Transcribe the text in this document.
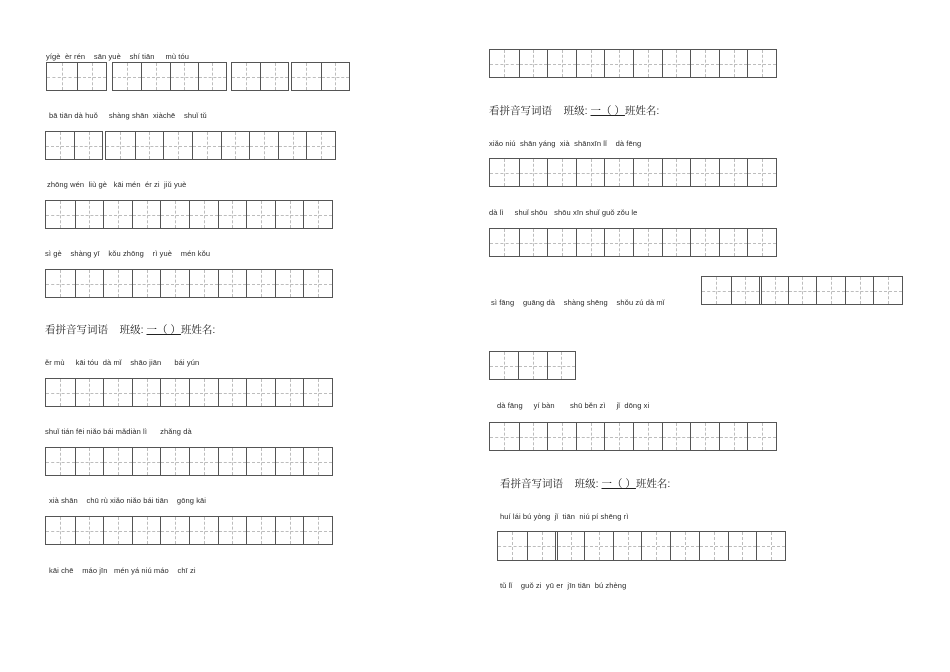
yígè  èr rén    sān yuè    shí tiān     mù tóu
bā tiān dà huǒ     shàng shān  xiàchē    shuǐ tǔ
zhōng wén  liù gè   kāi mén  ér zi  jiǔ yuè
sì gè    shàng yī    kǒu zhōng    rì yuè    mén kǒu
看拼音写词语 班级: 一（ ）班姓名:
ěr mù     kāi tóu  dà mǐ    shāo jiān      bái yún
shuǐ tián fēi niǎo bái mǎdiàn lì      zhǎng dà
xià shān    chū rù xiǎo niǎo bái tiān    gōng kāi
kāi chē    máo jīn   mén yá niú máo    chī zi
看拼音写词语 班级: 一（ ）班姓名:
xiǎo niú  shān yáng  xià  shānxīn lǐ    dà fēng
dà lì     shuǐ shōu   shōu xīn shuǐ guǒ zǒu le
sì fāng    guāng dà    shàng shēng    shǒu zú dà mǐ
dà fāng     yí bàn       shū běn zì     jǐ  dōng xi
看拼音写词语 班级: 一（ ）班姓名:
huí lái bú yòng  jǐ  tiān  niú pí shēng rì
tǔ lǐ    guǒ zi  yū er  jīn tiān  bú zhèng
